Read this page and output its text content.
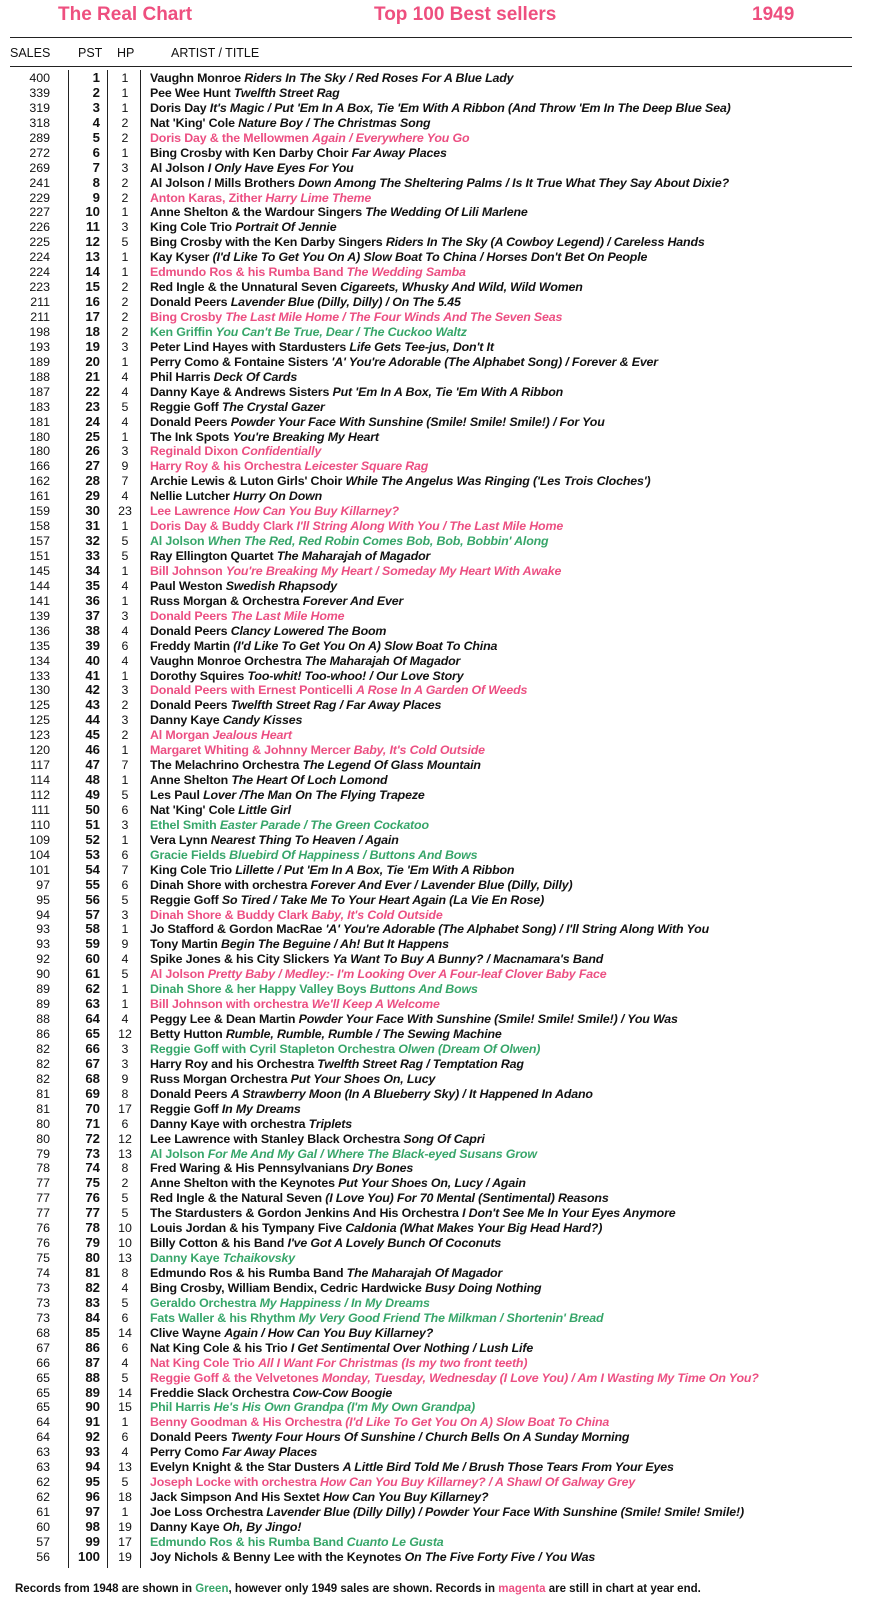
The Real Chart	Top 100 Best sellers	1949
SALES PST HP	ARTIST / TITLE
400	1	1	Vaughn Monroe Riders In The Sky / Red Roses For A Blue Lady
339	2	1	Pee Wee Hunt Twelfth Street Rag
319	3	1	Doris Day It's Magic / Put 'Em In A Box, Tie 'Em With A Ribbon (And Throw 'Em In The Deep Blue Sea)
318	4	2	Nat 'King' Cole Nature Boy / The Christmas Song
289	5	2	Doris Day & the Mellowmen Again / Everywhere You Go
272	6	1	Bing Crosby with Ken Darby Choir Far Away Places
269	7	3	Al Jolson I Only Have Eyes For You
241	8	2	Al Jolson / Mills Brothers Down Among The Sheltering Palms / Is It True What They Say About Dixie?
229	9	2	Anton Karas, Zither Harry Lime Theme
227	10	1	Anne Shelton & the Wardour Singers The Wedding Of Lili Marlene
226	11	3	King Cole Trio Portrait Of Jennie
225	12	5	Bing Crosby with the Ken Darby Singers Riders In The Sky (A Cowboy Legend) / Careless Hands
224	13	1	Kay Kyser (I'd Like To Get You On A) Slow Boat To China / Horses Don't Bet On People
224	14	1	Edmundo Ros & his Rumba Band The Wedding Samba
223	15	2	Red Ingle & the Unnatural Seven Cigareets, Whusky And Wild, Wild Women
211	16	2	Donald Peers Lavender Blue (Dilly, Dilly) / On The 5.45
211	17	2	Bing Crosby The Last Mile Home / The Four Winds And The Seven Seas
198	18	2	Ken Griffin You Can't Be True, Dear / The Cuckoo Waltz
193	19	3	Peter Lind Hayes with Stardusters Life Gets Tee-jus, Don't It
189	20	1	Perry Como & Fontaine Sisters 'A' You're Adorable (The Alphabet Song) / Forever & Ever
188	21	4	Phil Harris Deck Of Cards
187	22	4	Danny Kaye & Andrews Sisters Put 'Em In A Box, Tie 'Em With A Ribbon
183	23	5	Reggie Goff The Crystal Gazer
181	24	4	Donald Peers Powder Your Face With Sunshine (Smile! Smile! Smile!) / For You
180	25	1	The Ink Spots You're Breaking My Heart
180	26	3	Reginald Dixon Confidentially
166	27	9	Harry Roy & his Orchestra Leicester Square Rag
162	28	7	Archie Lewis & Luton Girls' Choir While The Angelus Was Ringing ('Les Trois Cloches')
161	29	4	Nellie Lutcher Hurry On Down
159	30	23	Lee Lawrence How Can You Buy Killarney?
158	31	1	Doris Day & Buddy Clark I'll String Along With You / The Last Mile Home
157	32	5	Al Jolson When The Red, Red Robin Comes Bob, Bob, Bobbin' Along
151	33	5	Ray Ellington Quartet The Maharajah of Magador
145	34	1	Bill Johnson You're Breaking My Heart / Someday My Heart With Awake
144	35	4	Paul Weston Swedish Rhapsody
141	36	1	Russ Morgan & Orchestra Forever And Ever
139	37	3	Donald Peers The Last Mile Home
136	38	4	Donald Peers Clancy Lowered The Boom
135	39	6	Freddy Martin (I'd Like To Get You On A) Slow Boat To China
134	40	4	Vaughn Monroe Orchestra The Maharajah Of Magador
133	41	1	Dorothy Squires Too-whit! Too-whoo! / Our Love Story
130	42	3	Donald Peers with Ernest Ponticelli A Rose In A Garden Of Weeds
125	43	2	Donald Peers Twelfth Street Rag / Far Away Places
125	44	3	Danny Kaye Candy Kisses
123	45	2	Al Morgan Jealous Heart
120	46	1	Margaret Whiting & Johnny Mercer Baby, It's Cold Outside
117	47	7	The Melachrino Orchestra The Legend Of Glass Mountain
114	48	1	Anne Shelton The Heart Of Loch Lomond
112	49	5	Les Paul Lover /The Man On The Flying Trapeze
111	50	6	Nat 'King' Cole Little Girl
110	51	3	Ethel Smith Easter Parade / The Green Cockatoo
109	52	1	Vera Lynn Nearest Thing To Heaven / Again
104	53	6	Gracie Fields Bluebird Of Happiness / Buttons And Bows
101	54	7	King Cole Trio Lillette / Put 'Em In A Box, Tie 'Em With A Ribbon
97	55	6	Dinah Shore with orchestra Forever And Ever / Lavender Blue (Dilly, Dilly)
95	56	5	Reggie Goff So Tired / Take Me To Your Heart Again (La Vie En Rose)
94	57	3	Dinah Shore & Buddy Clark Baby, It's Cold Outside
93	58	1	Jo Stafford & Gordon MacRae 'A' You're Adorable (The Alphabet Song) / I'll String Along With You
93	59	9	Tony Martin Begin The Beguine / Ah! But It Happens
92	60	4	Spike Jones & his City Slickers Ya Want To Buy A Bunny? / Macnamara's Band
90	61	5	Al Jolson Pretty Baby / Medley:- I'm Looking Over A Four-leaf Clover Baby Face
89	62	1	Dinah Shore & her Happy Valley Boys Buttons And Bows
89	63	1	Bill Johnson with orchestra We'll Keep A Welcome
88	64	4	Peggy Lee & Dean Martin Powder Your Face With Sunshine (Smile! Smile! Smile!) / You Was
86	65	12	Betty Hutton Rumble, Rumble, Rumble / The Sewing Machine
82	66	3	Reggie Goff with Cyril Stapleton Orchestra Olwen (Dream Of Olwen)
82	67	3	Harry Roy and his Orchestra Twelfth Street Rag / Temptation Rag
82	68	9	Russ Morgan Orchestra Put Your Shoes On, Lucy
81	69	8	Donald Peers A Strawberry Moon (In A Blueberry Sky) / It Happened In Adano
81	70	17	Reggie Goff In My Dreams
80	71	6	Danny Kaye with orchestra Triplets
80	72	12	Lee Lawrence with Stanley Black Orchestra Song Of Capri
79	73	13	Al Jolson For Me And My Gal / Where The Black-eyed Susans Grow
78	74	8	Fred Waring & His Pennsylvanians Dry Bones
77	75	2	Anne Shelton with the Keynotes Put Your Shoes On, Lucy / Again
77	76	5	Red Ingle & the Natural Seven (I Love You) For 70 Mental (Sentimental) Reasons
77	77	5	The Stardusters & Gordon Jenkins And His Orchestra I Don't See Me In Your Eyes Anymore
76	78	10	Louis Jordan & his Tympany Five Caldonia (What Makes Your Big Head Hard?)
76	79	10	Billy Cotton & his Band I've Got A Lovely Bunch Of Coconuts
75	80	13	Danny Kaye Tchaikovsky
74	81	8	Edmundo Ros & his Rumba Band The Maharajah Of Magador
73	82	4	Bing Crosby, William Bendix, Cedric Hardwicke Busy Doing Nothing
73	83	5	Geraldo Orchestra My Happiness / In My Dreams
73	84	6	Fats Waller & his Rhythm My Very Good Friend The Milkman / Shortenin' Bread
68	85	14	Clive Wayne Again / How Can You Buy Killarney?
67	86	6	Nat King Cole & his Trio I Get Sentimental Over Nothing / Lush Life
66	87	4	Nat King Cole Trio All I Want For Christmas (Is my two front teeth)
65	88	5	Reggie Goff & the Velvetones Monday, Tuesday, Wednesday (I Love You) / Am I Wasting My Time On You?
65	89	14	Freddie Slack Orchestra Cow-Cow Boogie
65	90	15	Phil Harris He's His Own Grandpa (I'm My Own Grandpa)
64	91	1	Benny Goodman & His Orchestra (I'd Like To Get You On A) Slow Boat To China
64	92	6	Donald Peers Twenty Four Hours Of Sunshine / Church Bells On A Sunday Morning
63	93	4	Perry Como Far Away Places
63	94	13	Evelyn Knight & the Star Dusters A Little Bird Told Me / Brush Those Tears From Your Eyes
62	95	5	Joseph Locke with orchestra How Can You Buy Killarney? / A Shawl Of Galway Grey
62	96	18	Jack Simpson And His Sextet How Can You Buy Killarney?
61	97	1	Joe Loss Orchestra Lavender Blue (Dilly Dilly) / Powder Your Face With Sunshine (Smile! Smile! Smile!)
60	98	19	Danny Kaye Oh, By Jingo!
57	99	17	Edmundo Ros & his Rumba Band Cuanto Le Gusta
56	100	19	Joy Nichols & Benny Lee with the Keynotes On The Five Forty Five / You Was
Records from 1948 are shown in Green, however only 1949 sales are shown. Records in magenta are still in chart at year end.
